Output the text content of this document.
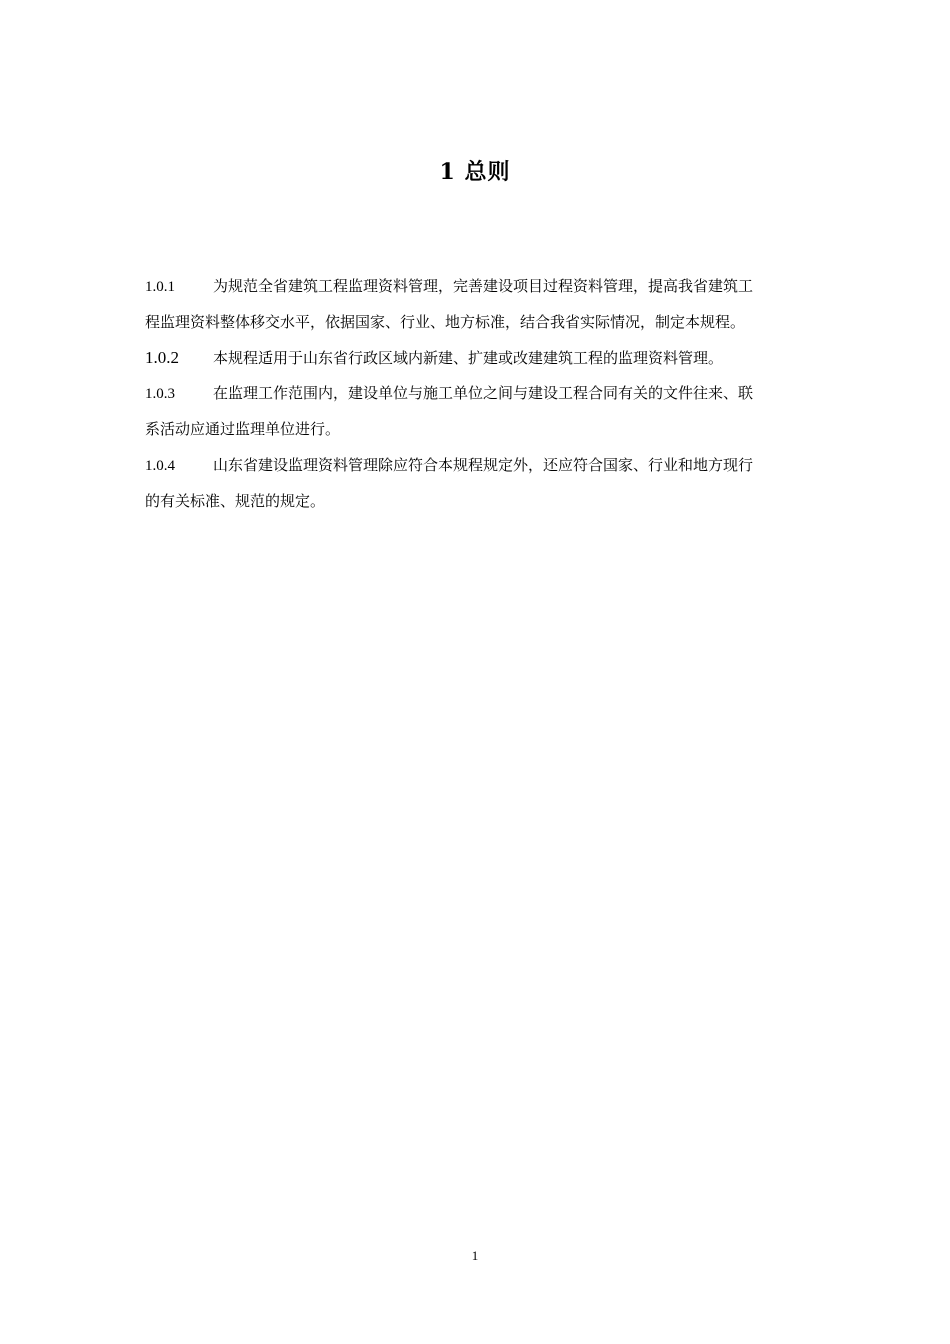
1 总则
1.0.1	为规范全省建筑工程监理资料管理，完善建设项目过程资料管理，提高我省建筑工
程监理资料整体移交水平，依据国家、行业、地方标准，结合我省实际情况，制定本规程。
1.0.2 本规程适用于山东省行政区域内新建、扩建或改建建筑工程的监理资料管理。
1.0.3	在监理工作范围内，建设单位与施工单位之间与建设工程合同有关的文件往来、联
系活动应通过监理单位进行。
1.0.4	山东省建设监理资料管理除应符合本规程规定外，还应符合国家、行业和地方现行
的有关标准、规范的规定。
1
